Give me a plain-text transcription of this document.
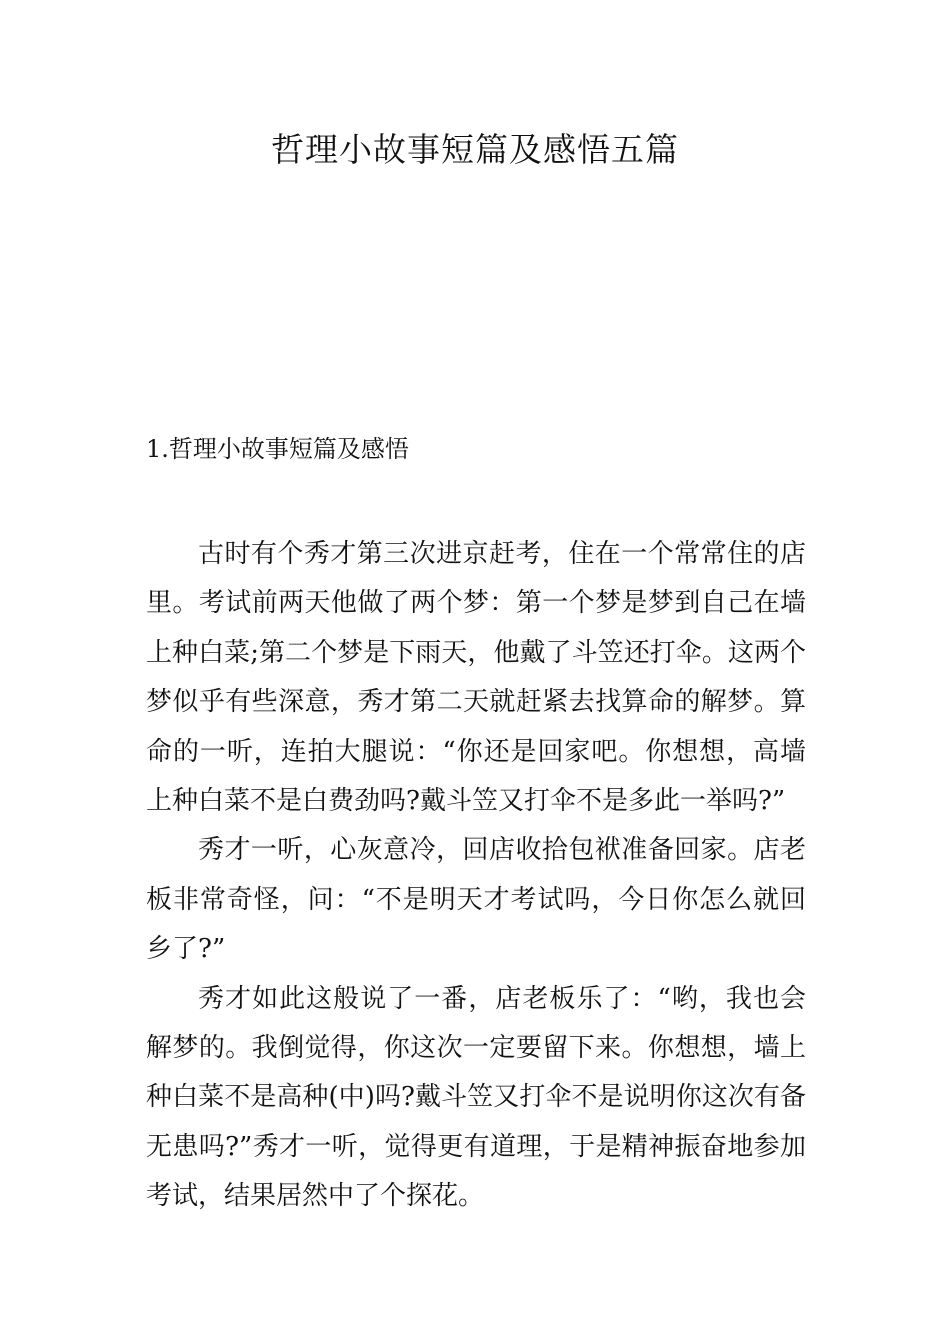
哲理小故事短篇及感悟五篇
1.哲理小故事短篇及感悟

古时有个秀才第三次进京赶考，住在一个常常住的店里。考试前两天他做了两个梦：第一个梦是梦到自己在墙上种白菜;第二个梦是下雨天，他戴了斗笠还打伞。这两个梦似乎有些深意，秀才第二天就赶紧去找算命的解梦。算命的一听，连拍大腿说：“你还是回家吧。你想想，高墙上种白菜不是白费劲吗?戴斗笠又打伞不是多此一举吗?”

秀才一听，心灰意冷，回店收拾包袱准备回家。店老板非常奇怪，问：“不是明天才考试吗，今日你怎么就回乡了?”

秀才如此这般说了一番，店老板乐了：“哟，我也会解梦的。我倒觉得，你这次一定要留下来。你想想，墙上种白菜不是高种(中)吗?戴斗笠又打伞不是说明你这次有备无患吗?”秀才一听，觉得更有道理，于是精神振奋地参加考试，结果居然中了个探花。
